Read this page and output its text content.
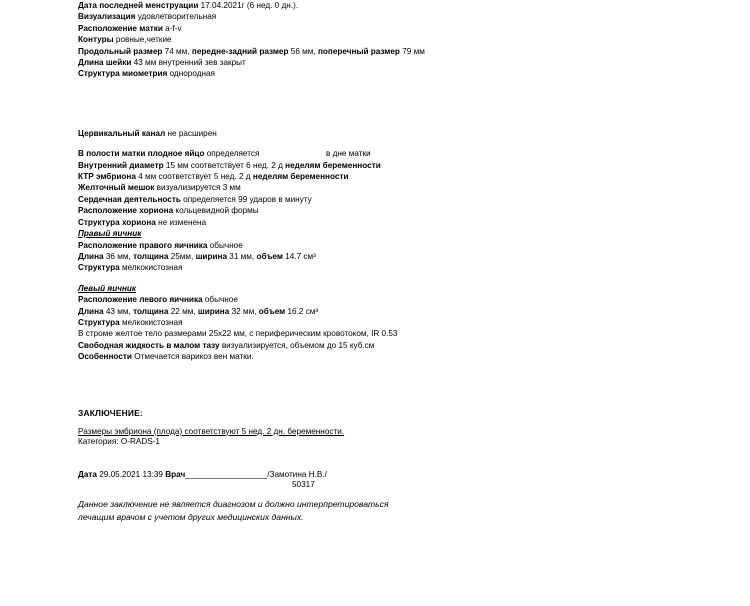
Дата последней менструации 17.04.2021г (6 нед. 0 дн.).
Визуализация удовлетворительная
Расположение матки a-f-v
Контуры ровные,четкие
Продольный размер 74 мм, передне-задний размер 56 мм, поперечный размер 79 мм
Длина шейки 43 мм внутренний зев закрыт
Структура миометрия однородная
Цервикальный канал не расширен
В полости матки плодное яйцо определяется	в дне матки
Внутренний диаметр 15 мм соответствует 6 нед. 2 д неделям беременности
КТР эмбриона 4 мм соответствует 5 нед. 2 д неделям беременности
Желточный мешок визуализируется 3 мм
Сердечная деятельность определяется 99 ударов в минуту
Расположение хориона кольцевидной формы
Структура хориона не изменена
Правый яичник
Расположение правого яичника обычное
Длина 36 мм, толщина 25мм, ширина 31 мм, объем 14.7 см³
Структура мелкокистозная
Левый яичник
Расположение левого яичника обычное
Длина 43 мм, толщина 22 мм, ширина 32 мм, объем 16.2 см³
Структура мелкокистозная
В строме желтое тело размерами 25х22 мм, с периферическим кровотоком, IR 0.53
Свободная жидкость в малом тазу визуализируется, объемом до 15 куб.см
Особенности Отмечается варикоз вен матки.
ЗАКЛЮЧЕНИЕ:
Размеры эмбриона (плода) соответствуют 5 нед. 2 дн. беременности.
Категория: O-RADS-1
Дата 29.05.2021 13:39 Врач__________________/Замотина Н.В./
50317
Данное заключение не является диагнозом и должно интерпретироваться лечащим врачом с учетом других медицинских данных.
